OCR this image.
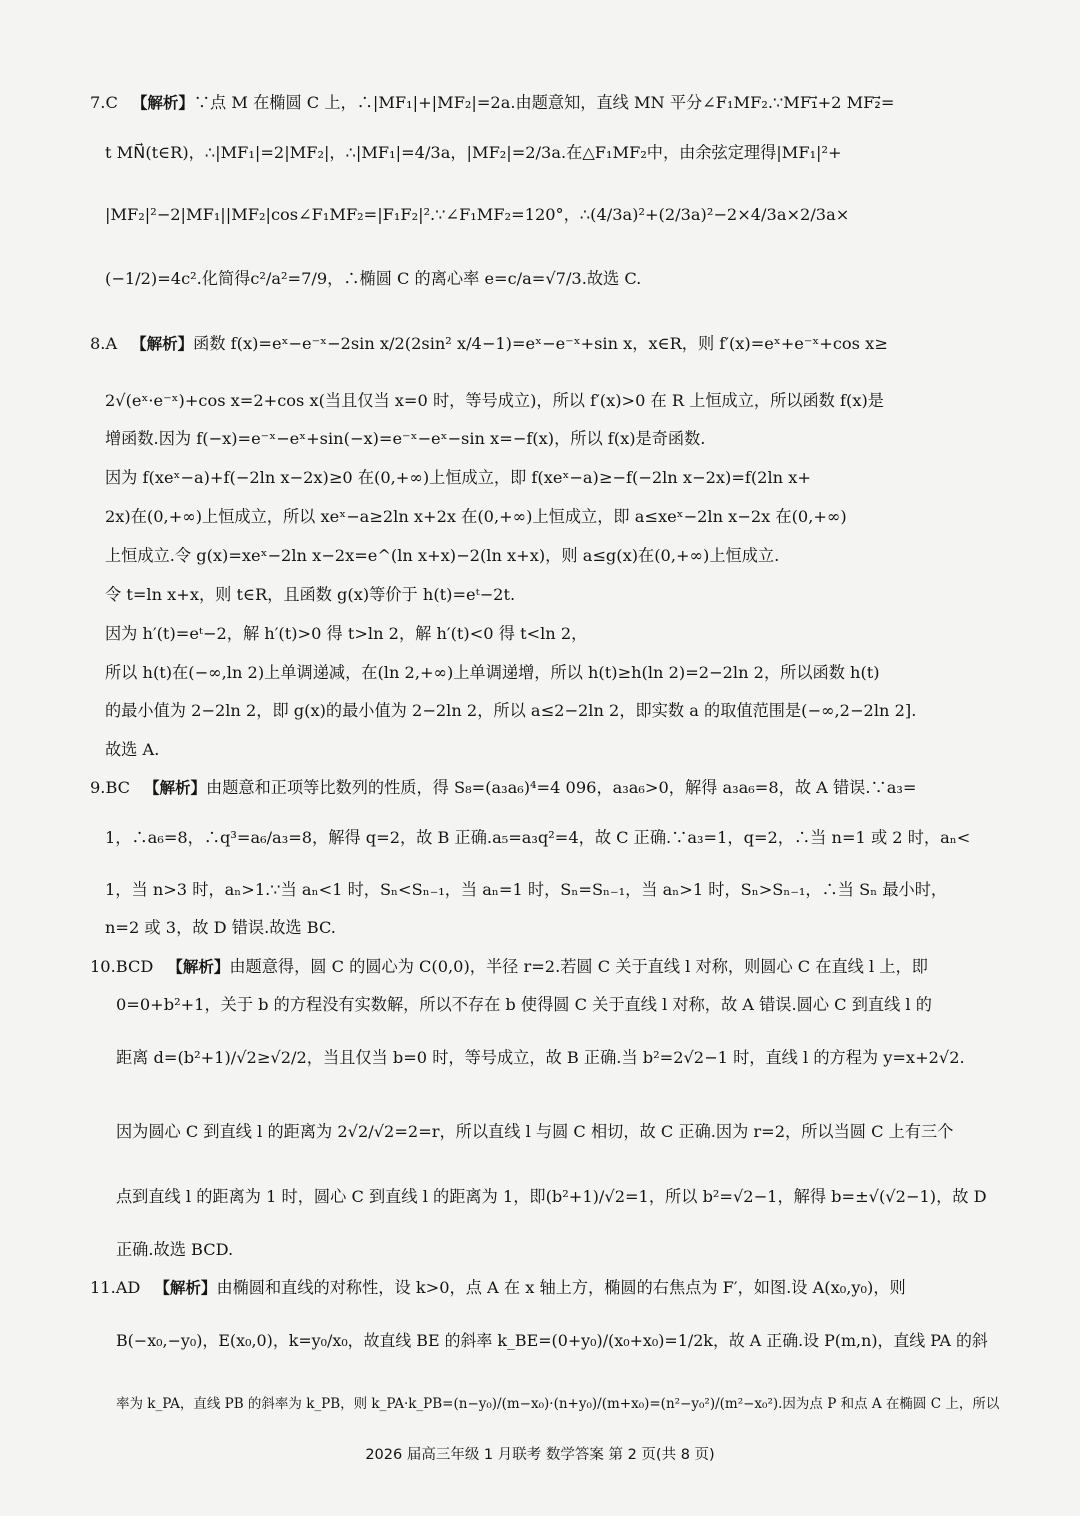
7.C 【解析】∵点 M 在椭圆 C 上，∴|MF₁|+|MF₂|=2a.由题意知，直线 MN 平分∠F₁MF₂.∵MF₁⃗+2 MF₂⃗=
t MN⃗(t∈R)，∴|MF₁|=2|MF₂|，∴|MF₁|=4/3a，|MF₂|=2/3a.在△F₁MF₂中，由余弦定理得|MF₁|²+
|MF₂|²−2|MF₁||MF₂|cos∠F₁MF₂=|F₁F₂|².∵∠F₁MF₂=120°，∴(4/3a)²+(2/3a)²−2×4/3a×2/3a×
(−1/2)=4c².化简得c²/a²=7/9，∴椭圆 C 的离心率 e=c/a=√7/3.故选 C.
8.A 【解析】函数 f(x)=eˣ−e⁻ˣ−2sin x/2(2sin² x/4−1)=eˣ−e⁻ˣ+sin x，x∈R，则 f′(x)=eˣ+e⁻ˣ+cos x≥
2√(eˣ·e⁻ˣ)+cos x=2+cos x(当且仅当 x=0 时，等号成立)，所以 f′(x)>0 在 R 上恒成立，所以函数 f(x)是
增函数.因为 f(−x)=e⁻ˣ−eˣ+sin(−x)=e⁻ˣ−eˣ−sin x=−f(x)，所以 f(x)是奇函数.
因为 f(xeˣ−a)+f(−2ln x−2x)≥0 在(0,+∞)上恒成立，即 f(xeˣ−a)≥−f(−2ln x−2x)=f(2ln x+
2x)在(0,+∞)上恒成立，所以 xeˣ−a≥2ln x+2x 在(0,+∞)上恒成立，即 a≤xeˣ−2ln x−2x 在(0,+∞)
上恒成立.令 g(x)=xeˣ−2ln x−2x=e^(ln x+x)−2(ln x+x)，则 a≤g(x)在(0,+∞)上恒成立.
令 t=ln x+x，则 t∈R，且函数 g(x)等价于 h(t)=eᵗ−2t.
因为 h′(t)=eᵗ−2，解 h′(t)>0 得 t>ln 2，解 h′(t)<0 得 t<ln 2，
所以 h(t)在(−∞,ln 2)上单调递减，在(ln 2,+∞)上单调递增，所以 h(t)≥h(ln 2)=2−2ln 2，所以函数 h(t)
的最小值为 2−2ln 2，即 g(x)的最小值为 2−2ln 2，所以 a≤2−2ln 2，即实数 a 的取值范围是(−∞,2−2ln 2].
故选 A.
9.BC 【解析】由题意和正项等比数列的性质，得 S₈=(a₃a₆)⁴=4 096，a₃a₆>0，解得 a₃a₆=8，故 A 错误.∵a₃=
1，∴a₆=8，∴q³=a₆/a₃=8，解得 q=2，故 B 正确.a₅=a₃q²=4，故 C 正确.∵a₃=1，q=2，∴当 n=1 或 2 时，aₙ<
1，当 n>3 时，aₙ>1.∵当 aₙ<1 时，Sₙ<Sₙ₋₁，当 aₙ=1 时，Sₙ=Sₙ₋₁，当 aₙ>1 时，Sₙ>Sₙ₋₁，∴当 Sₙ 最小时，
n=2 或 3，故 D 错误.故选 BC.
10.BCD 【解析】由题意得，圆 C 的圆心为 C(0,0)，半径 r=2.若圆 C 关于直线 l 对称，则圆心 C 在直线 l 上，即
0=0+b²+1，关于 b 的方程没有实数解，所以不存在 b 使得圆 C 关于直线 l 对称，故 A 错误.圆心 C 到直线 l 的
距离 d=(b²+1)/√2≥√2/2，当且仅当 b=0 时，等号成立，故 B 正确.当 b²=2√2−1 时，直线 l 的方程为 y=x+2√2.
因为圆心 C 到直线 l 的距离为 2√2/√2=2=r，所以直线 l 与圆 C 相切，故 C 正确.因为 r=2，所以当圆 C 上有三个
点到直线 l 的距离为 1 时，圆心 C 到直线 l 的距离为 1，即(b²+1)/√2=1，所以 b²=√2−1，解得 b=±√(√2−1)，故 D
正确.故选 BCD.
11.AD 【解析】由椭圆和直线的对称性，设 k>0，点 A 在 x 轴上方，椭圆的右焦点为 F′，如图.设 A(x₀,y₀)，则
B(−x₀,−y₀)，E(x₀,0)，k=y₀/x₀，故直线 BE 的斜率 k_BE=(0+y₀)/(x₀+x₀)=1/2k，故 A 正确.设 P(m,n)，直线 PA 的斜
率为 k_PA，直线 PB 的斜率为 k_PB，则 k_PA·k_PB=(n−y₀)/(m−x₀)·(n+y₀)/(m+x₀)=(n²−y₀²)/(m²−x₀²).因为点 P 和点 A 在椭圆 C 上，所以
2026 届高三年级 1 月联考 数学答案 第 2 页(共 8 页)
